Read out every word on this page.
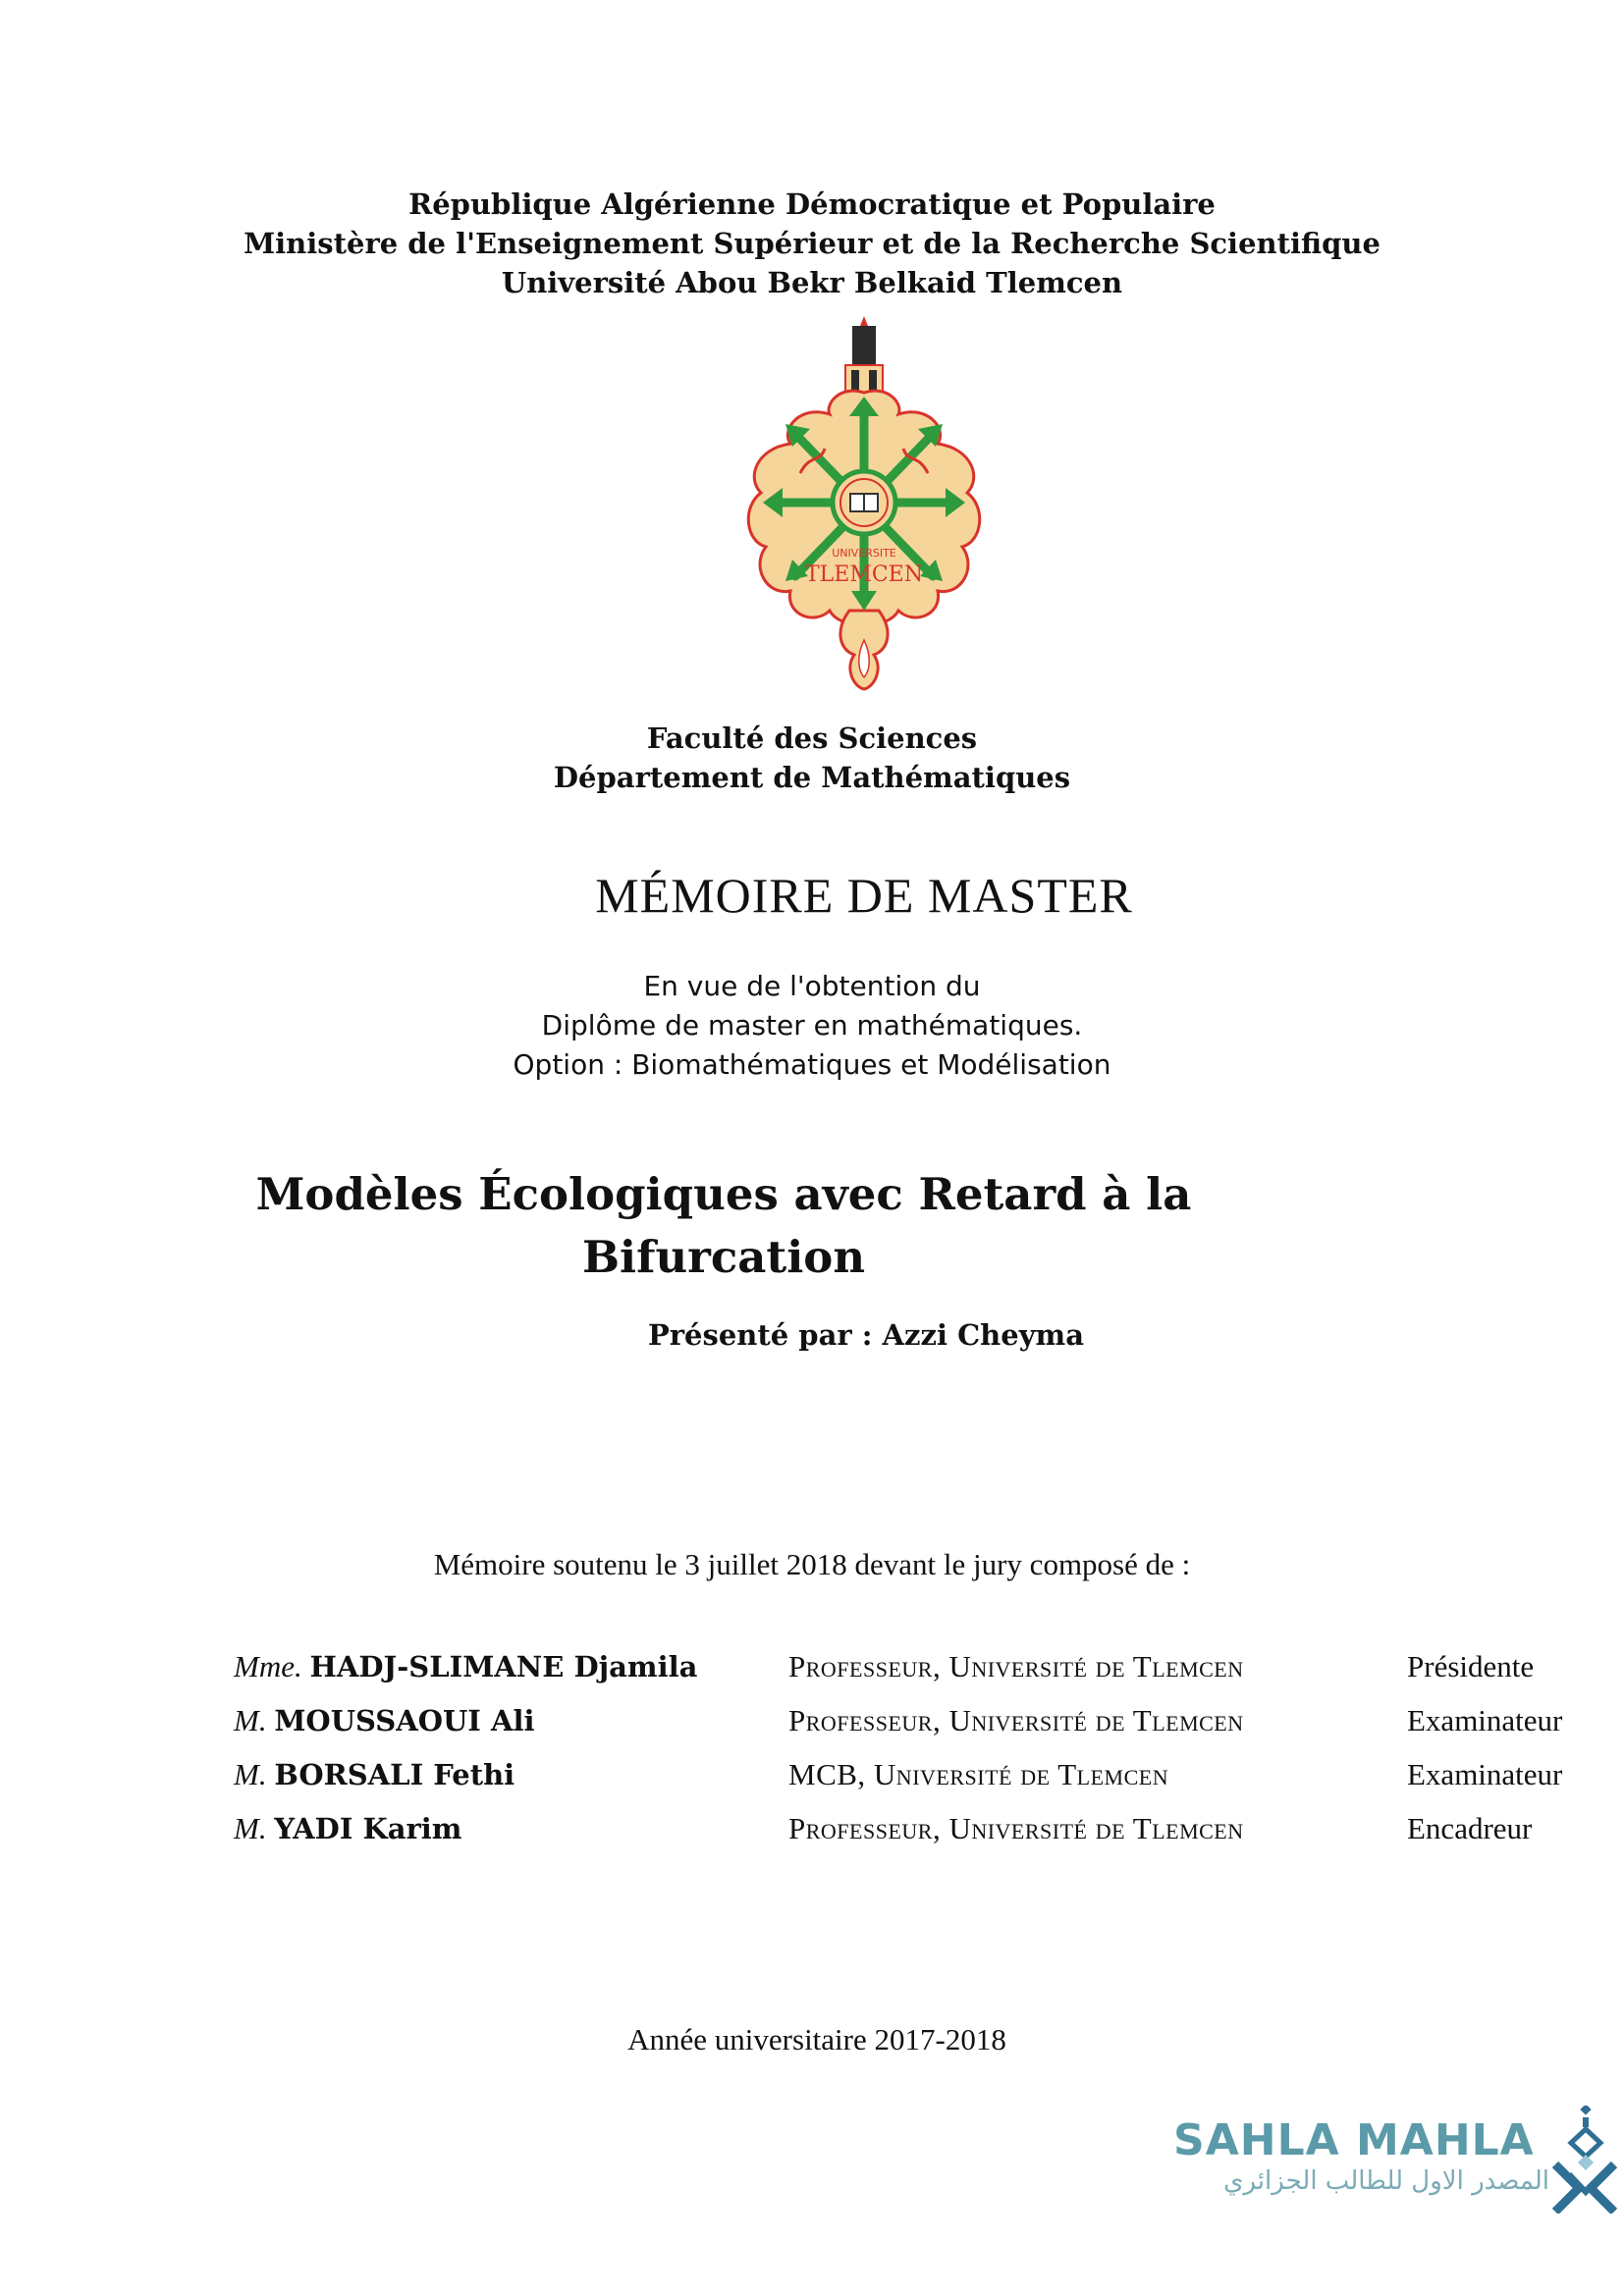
République Algérienne Démocratique et Populaire
Ministère de l'Enseignement Supérieur et de la Recherche Scientifique
Université Abou Bekr Belkaid Tlemcen
UNIVERSITE
TLEMCEN
Faculté des Sciences
Département de Mathématiques
MÉMOIRE DE MASTER
En vue de l'obtention du
Diplôme de master en mathématiques.
Option : Biomathématiques et Modélisation
Modèles Écologiques avec Retard à la
Bifurcation
Présenté par : Azzi Cheyma
Mémoire soutenu le 3 juillet 2018 devant le jury composé de :
Mme. HADJ-SLIMANE Djamila	Professeur, Université de Tlemcen	Présidente
M. MOUSSAOUI Ali	Professeur, Université de Tlemcen	Examinateur
M. BORSALI Fethi	MCB, Université de Tlemcen	Examinateur
M. YADI Karim	Professeur, Université de Tlemcen	Encadreur
Année universitaire 2017-2018
SAHLA MAHLA
المصدر الاول للطالب الجزائري
